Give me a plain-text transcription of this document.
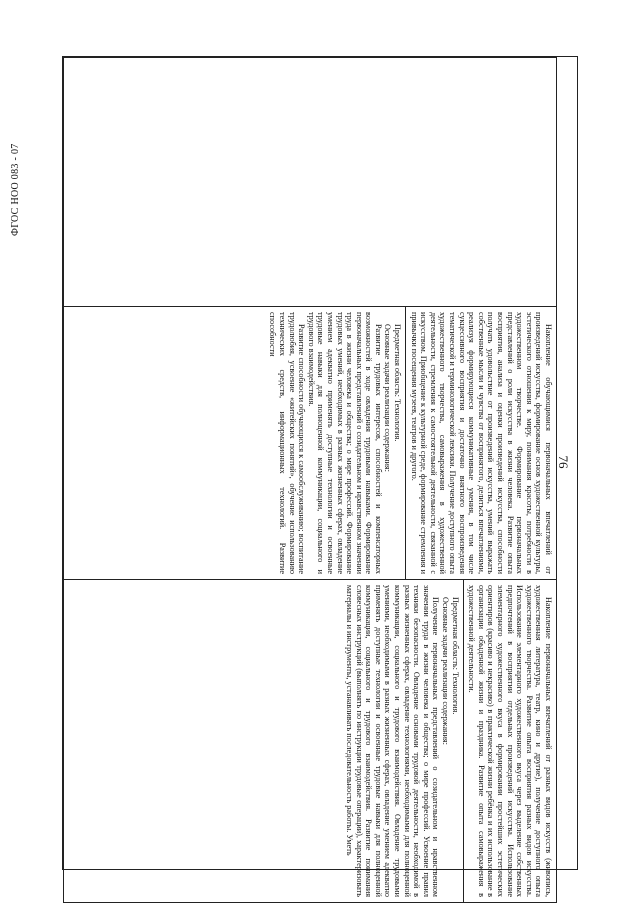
ФГОС НОО 083 - 07
76

Накопление обучающимися первоначальных впечатлений от произведений искусства, формирование основ художественной культуры, эстетического отношения к миру, понимания красоты, потребности в художественном творчестве. Формирование первоначальных представлений о роли искусства в жизни человека. Развитие опыта восприятия, анализа и оценки произведений искусства, способности получать удовольствие от произведений искусства, умений выражать собственные мысли и чувства от воспринятого, делиться впечатлениями, реализуя формирующиеся коммуникативные умения, в том числе сукцессивного восприятия и достаточно внятного воспроизведения тематической и терминологической лексики. Получение доступного опыта художественного творчества, самовыражения в художественной деятельности, стремления к самостоятельной деятельности, связанной с искусством. Приобщение к культурной среде, формирование стремления и привычки посещения музеев, театров и другого.

Предметная область: Технология.

Основные задачи реализации содержания:

Развитие трудовых интересов, способностей и компенсаторных возможностей в ходе овладения трудовыми навыками. Формирование первоначальных представлений о созидательном и нравственном значении труда в жизни человека и общества; о мире профессий. Формирование трудовых умений, необходимых в разных жизненных сферах, овладение умением адекватно применять доступные технологии и освоенные трудовые навыки для полноценной коммуникации, социального и трудового взаимодействия.

Развитие способности обучающихся к самообслуживанию; воспитание трудолюбия, усвоение «житейских понятий», обучение использованию технических средств, информационных технологий. Развитие способности

Накопление первоначальных впечатлений от разных видов искусств (живопись, художественная литература, театр, кино и другие), получение доступного опыта художественного творчества. Развитие опыта восприятия разных видов искусства. Использование элементарного художественного вкуса через выделение собственных предпочтений в восприятии отдельных произведений искусства. Использование элементарного художественного вкуса в формировании простейших эстетических ориентиров (красиво и некрасиво) в практической жизни ребёнка и их использование в организации обыденной жизни и праздника. Развитие опыта самовыражения в художественной деятельности.

Предметная область: Технология.

Основные задачи реализации содержания:

Получение первоначальных представлений о созидательном и нравственном значении труда в жизни человека и общества; о мире профессий. Усвоение правил техники безопасности. Овладение основами трудовой деятельности, необходимой в разных жизненных сферах, овладение технологиями, необходимыми для полноценной коммуникации, социального и трудового взаимодействия. Овладение трудовыми умениями, необходимыми в разных жизненных сферах, овладение умением адекватно применять доступные технологии и освоенные трудовые навыки для полноценной коммуникации, социального и трудового взаимодействия. Развитие понимания словесных инструкций (выполнять по инструкции трудовые операции), характеризовать материалы и инструменты, устанавливать последовательность работы. Уметь
